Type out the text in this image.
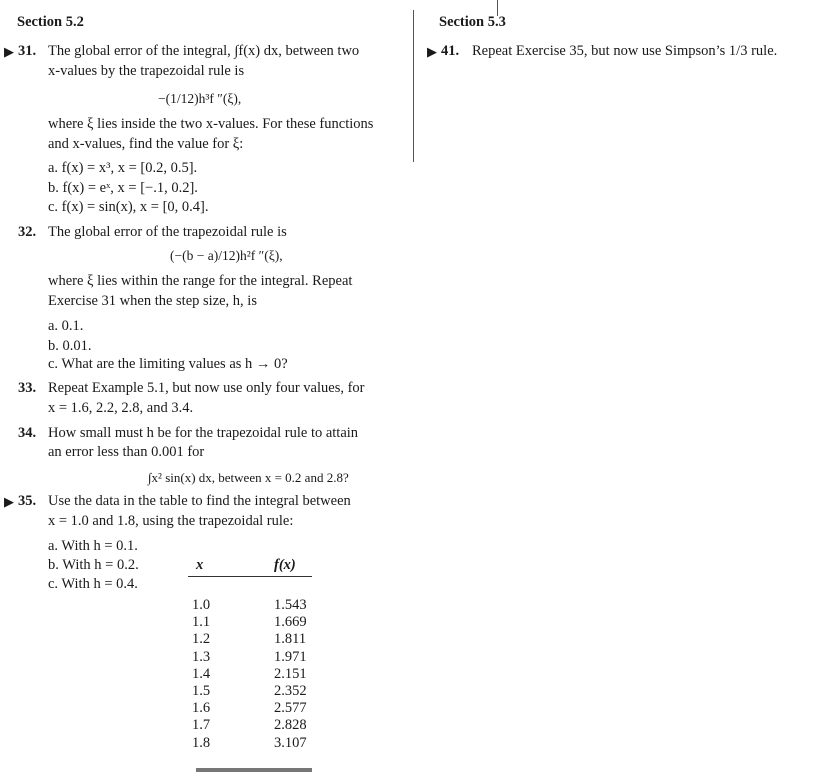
Section 5.2
▶ 31. The global error of the integral, ∫f(x) dx, between two
x-values by the trapezoidal rule is
−(1/12)h³f ″(ξ),
where ξ lies inside the two x-values. For these functions
and x-values, find the value for ξ:
a. f(x) = x³, x = [0.2, 0.5].
b. f(x) = eˣ, x = [−.1, 0.2].
c. f(x) = sin(x), x = [0, 0.4].
32. The global error of the trapezoidal rule is
(−(b − a)/12)h²f ″(ξ),
where ξ lies within the range for the integral. Repeat
Exercise 31 when the step size, h, is
a. 0.1.
b. 0.01.
c. What are the limiting values as h → 0?
33. Repeat Example 5.1, but now use only four values, for
x = 1.6, 2.2, 2.8, and 3.4.
34. How small must h be for the trapezoidal rule to attain
an error less than 0.001 for
∫x² sin(x) dx, between x = 0.2 and 2.8?
▶ 35. Use the data in the table to find the integral between
x = 1.0 and 1.8, using the trapezoidal rule:
a. With h = 0.1.
b. With h = 0.2.
c. With h = 0.4.
x	f(x)
1.0
1.1
1.2
1.3
1.4
1.5
1.6
1.7
1.8
1.543
1.669
1.811
1.971
2.151
2.352
2.577
2.828
3.107
Section 5.3
▶ 41. Repeat Exercise 35, but now use Simpson’s 1/3 rule.
